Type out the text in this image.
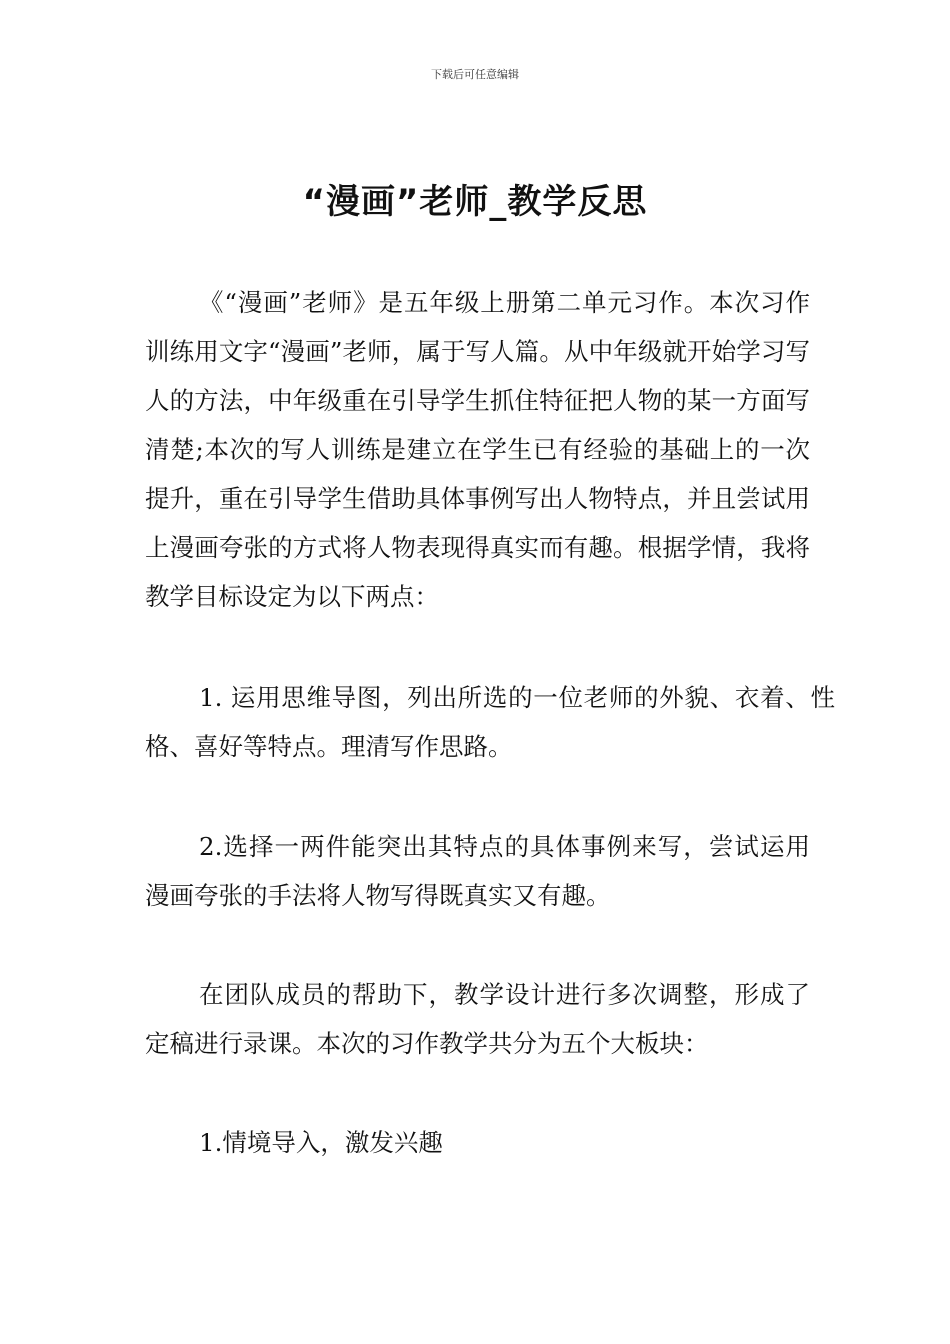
下载后可任意编辑
“漫画”老师_教学反思

《“漫画”老师》是五年级上册第二单元习作。本次习作训练用文字“漫画”老师，属于写人篇。从中年级就开始学习写人的方法，中年级重在引导学生抓住特征把人物的某一方面写清楚;本次的写人训练是建立在学生已有经验的基础上的一次提升，重在引导学生借助具体事例写出人物特点，并且尝试用上漫画夸张的方式将人物表现得真实而有趣。根据学情，我将教学目标设定为以下两点：

1. 运用思维导图，列出所选的一位老师的外貌、衣着、性格、喜好等特点。理清写作思路。

2.选择一两件能突出其特点的具体事例来写，尝试运用漫画夸张的手法将人物写得既真实又有趣。

在团队成员的帮助下，教学设计进行多次调整，形成了定稿进行录课。本次的习作教学共分为五个大板块：

1.情境导入，激发兴趣
